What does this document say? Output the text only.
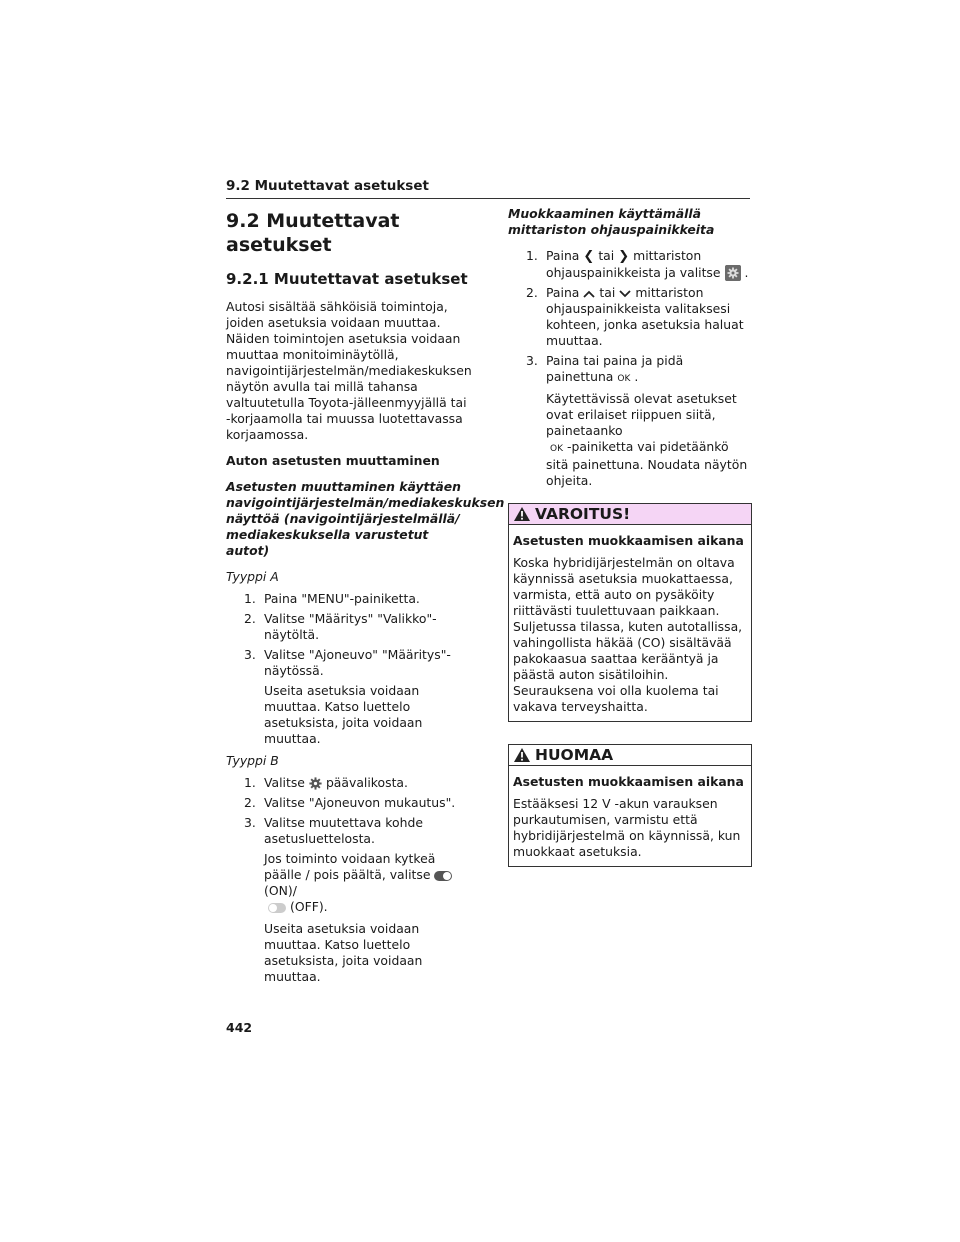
9.2 Muutettavat asetukset
9.2 Muutettavat asetukset
9.2.1 Muutettavat asetukset

Autosi sisältää sähköisiä toimintoja, joiden asetuksia voidaan muuttaa. Näiden toimintojen asetuksia voidaan muuttaa monitoiminäytöllä, navigointijärjestelmän/mediakeskuksen näytön avulla tai millä tahansa valtuutetulla Toyota-jälleenmyyjällä tai -korjaamolla tai muussa luotettavassa korjaamossa.

Auton asetusten muuttaminen
Asetusten muuttaminen käyttäen navigointijärjestelmän/mediakeskuksen näyttöä (navigointijärjestelmällä/ mediakeskuksella varustetut autot)
Tyyppi A
1. Paina "MENU"-painiketta.
2. Valitse "Määritys" "Valikko"-näytöltä.
3. Valitse "Ajoneuvo" "Määritys"-näytössä.
Useita asetuksia voidaan muuttaa. Katso luettelo asetuksista, joita voidaan muuttaa.
Tyyppi B
1. Valitse päävalikosta.
2. Valitse "Ajoneuvon mukautus".
3. Valitse muutettava kohde asetusluettelosta.
Jos toiminto voidaan kytkeä päälle / pois päältä, valitse(ON)/
(OFF).
Useita asetuksia voidaan muuttaa. Katso luettelo asetuksista, joita voidaan muuttaa.
Muokkaaminen käyttämällä mittariston ohjauspainikkeita
1. Paina ❮ tai ❯ mittariston ohjauspainikkeista ja valitse .
2. Paina tai mittariston ohjauspainikkeista valitaksesi kohteen, jonka asetuksia haluat muuttaa.
3. Paina tai paina ja pidä painettuna OK .
Käytettävissä olevat asetukset ovat erilaiset riippuen siitä, painetaanko
OK -painiketta vai pidetäänkö sitä painettuna. Noudata näytön ohjeita.
VAROITUS!
Asetusten muokkaamisen aikana
Koska hybridijärjestelmän on oltava käynnissä asetuksia muokattaessa, varmista, että auto on pysäköity riittävästi tuulettuvaan paikkaan. Suljetussa tilassa, kuten autotallissa, vahingollista häkää (CO) sisältävää pakokaasua saattaa kerääntyä ja päästä auton sisätiloihin. Seurauksena voi olla kuolema tai vakava terveyshaitta.
HUOMAA
Asetusten muokkaamisen aikana
Estääksesi 12 V -akun varauksen purkautumisen, varmistu että hybridijärjestelmä on käynnissä, kun muokkaat asetuksia.
442
